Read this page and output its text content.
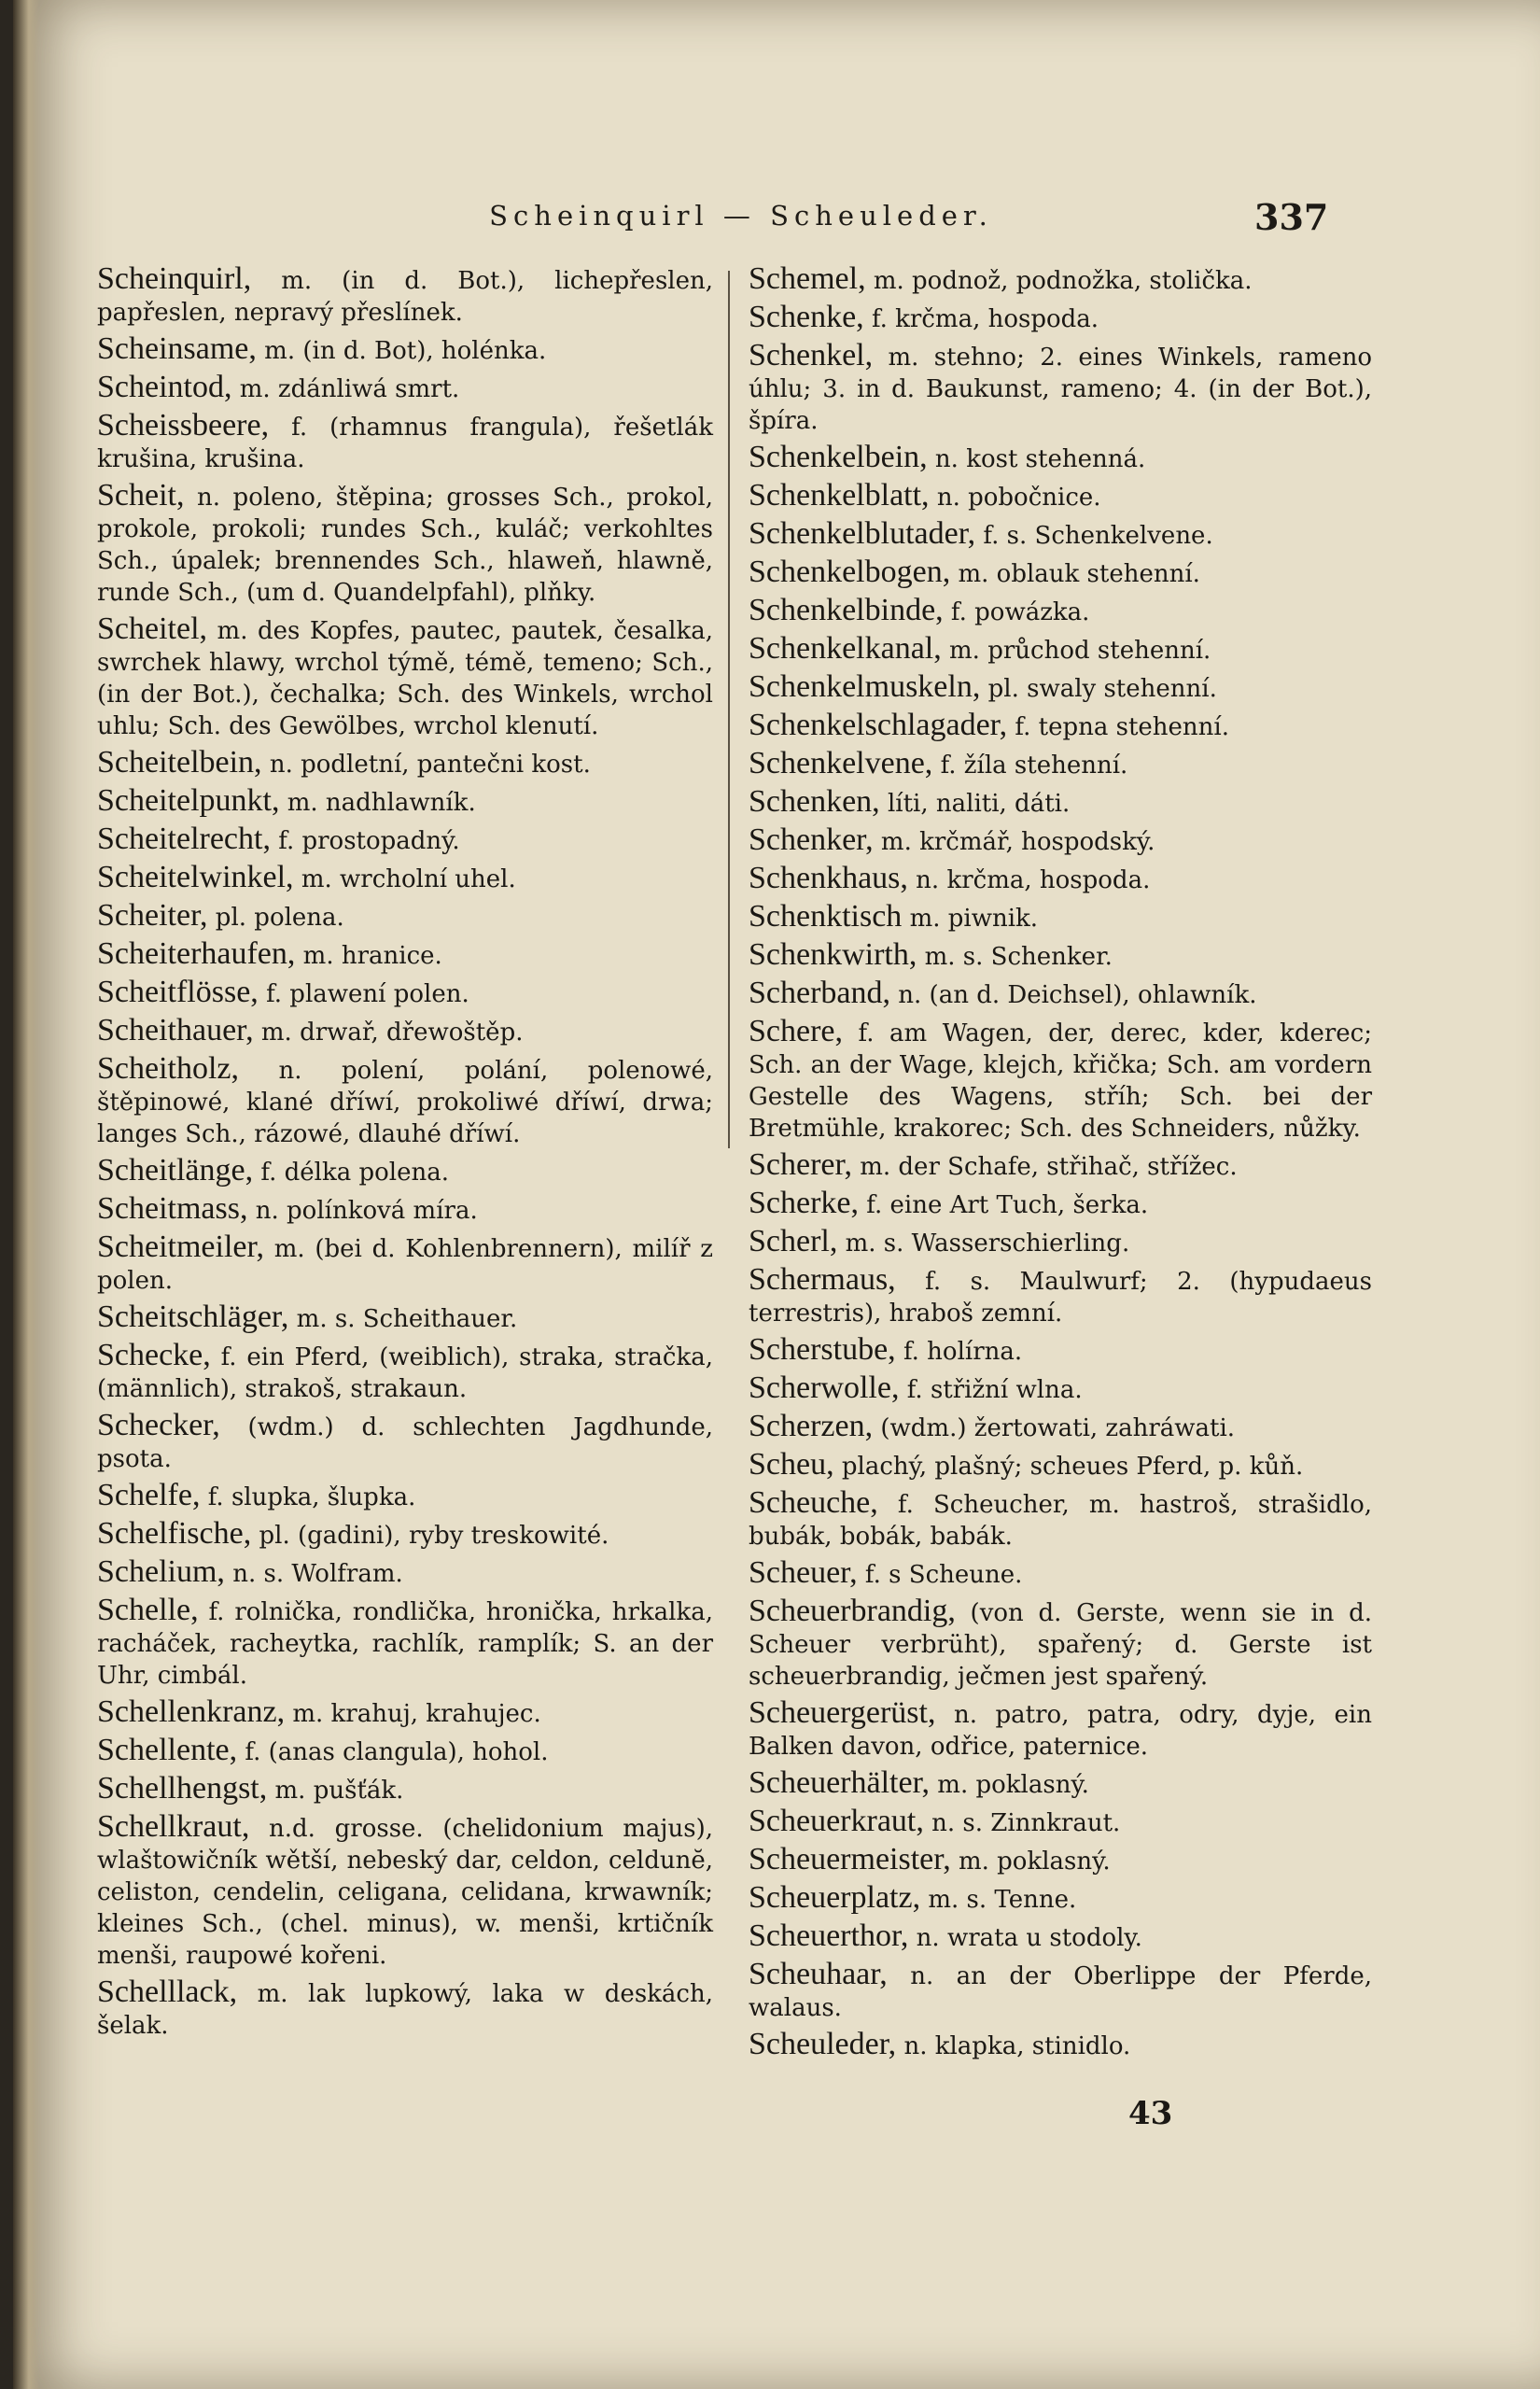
Scheinquirl — Scheuleder.	337
Scheinquirl, m. (in d. Bot.), lichepřeslen, papřeslen, nepravý přeslínek.
Scheinsame, m. (in d. Bot), holénka.
Scheintod, m. zdánliwá smrt.
Scheissbeere, f. (rhamnus frangula), řešetlák krušina, krušina.
Scheit, n. poleno, štěpina; grosses Sch., prokol, prokole, prokoli; rundes Sch., kuláč; verkohltes Sch., úpalek; brennendes Sch., hlaweň, hlawně, runde Sch., (um d. Quandelpfahl), plňky.
Scheitel, m. des Kopfes, pautec, pautek, česalka, swrchek hlawy, wrchol týmě, témě, temeno; Sch., (in der Bot.), čechalka; Sch. des Winkels, wrchol uhlu; Sch. des Gewölbes, wrchol klenutí.
Scheitelbein, n. podletní, pantečni kost.
Scheitelpunkt, m. nadhlawník.
Scheitelrecht, f. prostopadný.
Scheitelwinkel, m. wrcholní uhel.
Scheiter, pl. polena.
Scheiterhaufen, m. hranice.
Scheitflösse, f. plawení polen.
Scheithauer, m. drwař, dřewoštěp.
Scheitholz, n. polení, polání, polenowé, štěpinowé, klané dříwí, prokoliwé dříwí, drwa; langes Sch., rázowé, dlauhé dříwí.
Scheitlänge, f. délka polena.
Scheitmass, n. polínková míra.
Scheitmeiler, m. (bei d. Kohlenbrennern), milíř z polen.
Scheitschläger, m. s. Scheithauer.
Schecke, f. ein Pferd, (weiblich), straka, stračka, (männlich), strakoš, strakaun.
Schecker, (wdm.) d. schlechten Jagdhunde, psota.
Schelfe, f. slupka, šlupka.
Schelfische, pl. (gadini), ryby treskowité.
Schelium, n. s. Wolfram.
Schelle, f. rolnička, rondlička, hronička, hrkalka, racháček, racheytka, rachlík, ramplík; S. an der Uhr, cimbál.
Schellenkranz, m. krahuj, krahujec.
Schellente, f. (anas clangula), hohol.
Schellhengst, m. pušťák.
Schellkraut, n.d. grosse. (chelidonium majus), wlaštowičník wětší, nebeský dar, celdon, celdunĕ, celiston, cendelin, celigana, celidana, krwawník; kleines Sch., (chel. minus), w. menši, krtičník menši, raupowé kořeni.
Schelllack, m. lak lupkowý, laka w deskách, šelak.
Schemel, m. podnož, podnožka, stolička.
Schenke, f. krčma, hospoda.
Schenkel, m. stehno; 2. eines Winkels, rameno úhlu; 3. in d. Baukunst, rameno; 4. (in der Bot.), špíra.
Schenkelbein, n. kost stehenná.
Schenkelblatt, n. pobočnice.
Schenkelblutader, f. s. Schenkelvene.
Schenkelbogen, m. oblauk stehenní.
Schenkelbinde, f. powázka.
Schenkelkanal, m. průchod stehenní.
Schenkelmuskeln, pl. swaly stehenní.
Schenkelschlagader, f. tepna stehenní.
Schenkelvene, f. žíla stehenní.
Schenken, líti, naliti, dáti.
Schenker, m. krčmář, hospodský.
Schenkhaus, n. krčma, hospoda.
Schenktisch m. piwnik.
Schenkwirth, m. s. Schenker.
Scherband, n. (an d. Deichsel), ohlawník.
Schere, f. am Wagen, der, derec, kder, kderec; Sch. an der Wage, klejch, křička; Sch. am vordern Gestelle des Wagens, stříh; Sch. bei der Bretmühle, krakorec; Sch. des Schneiders, nůžky.
Scherer, m. der Schafe, střihač, střížec.
Scherke, f. eine Art Tuch, šerka.
Scherl, m. s. Wasserschierling.
Schermaus, f. s. Maulwurf; 2. (hypudaeus terrestris), hraboš zemní.
Scherstube, f. holírna.
Scherwolle, f. střižní wlna.
Scherzen, (wdm.) žertowati, zahráwati.
Scheu, plachý, plašný; scheues Pferd, p. kůň.
Scheuche, f. Scheucher, m. hastroš, strašidlo, bubák, bobák, babák.
Scheuer, f. s Scheune.
Scheuerbrandig, (von d. Gerste, wenn sie in d. Scheuer verbrüht), spařený; d. Gerste ist scheuerbrandig, ječmen jest spařený.
Scheuergerüst, n. patro, patra, odry, dyje, ein Balken davon, odřice, paternice.
Scheuerhälter, m. poklasný.
Scheuerkraut, n. s. Zinnkraut.
Scheuermeister, m. poklasný.
Scheuerplatz, m. s. Tenne.
Scheuerthor, n. wrata u stodoly.
Scheuhaar, n. an der Oberlippe der Pferde, walaus.
Scheuleder, n. klapka, stinidlo.
43
